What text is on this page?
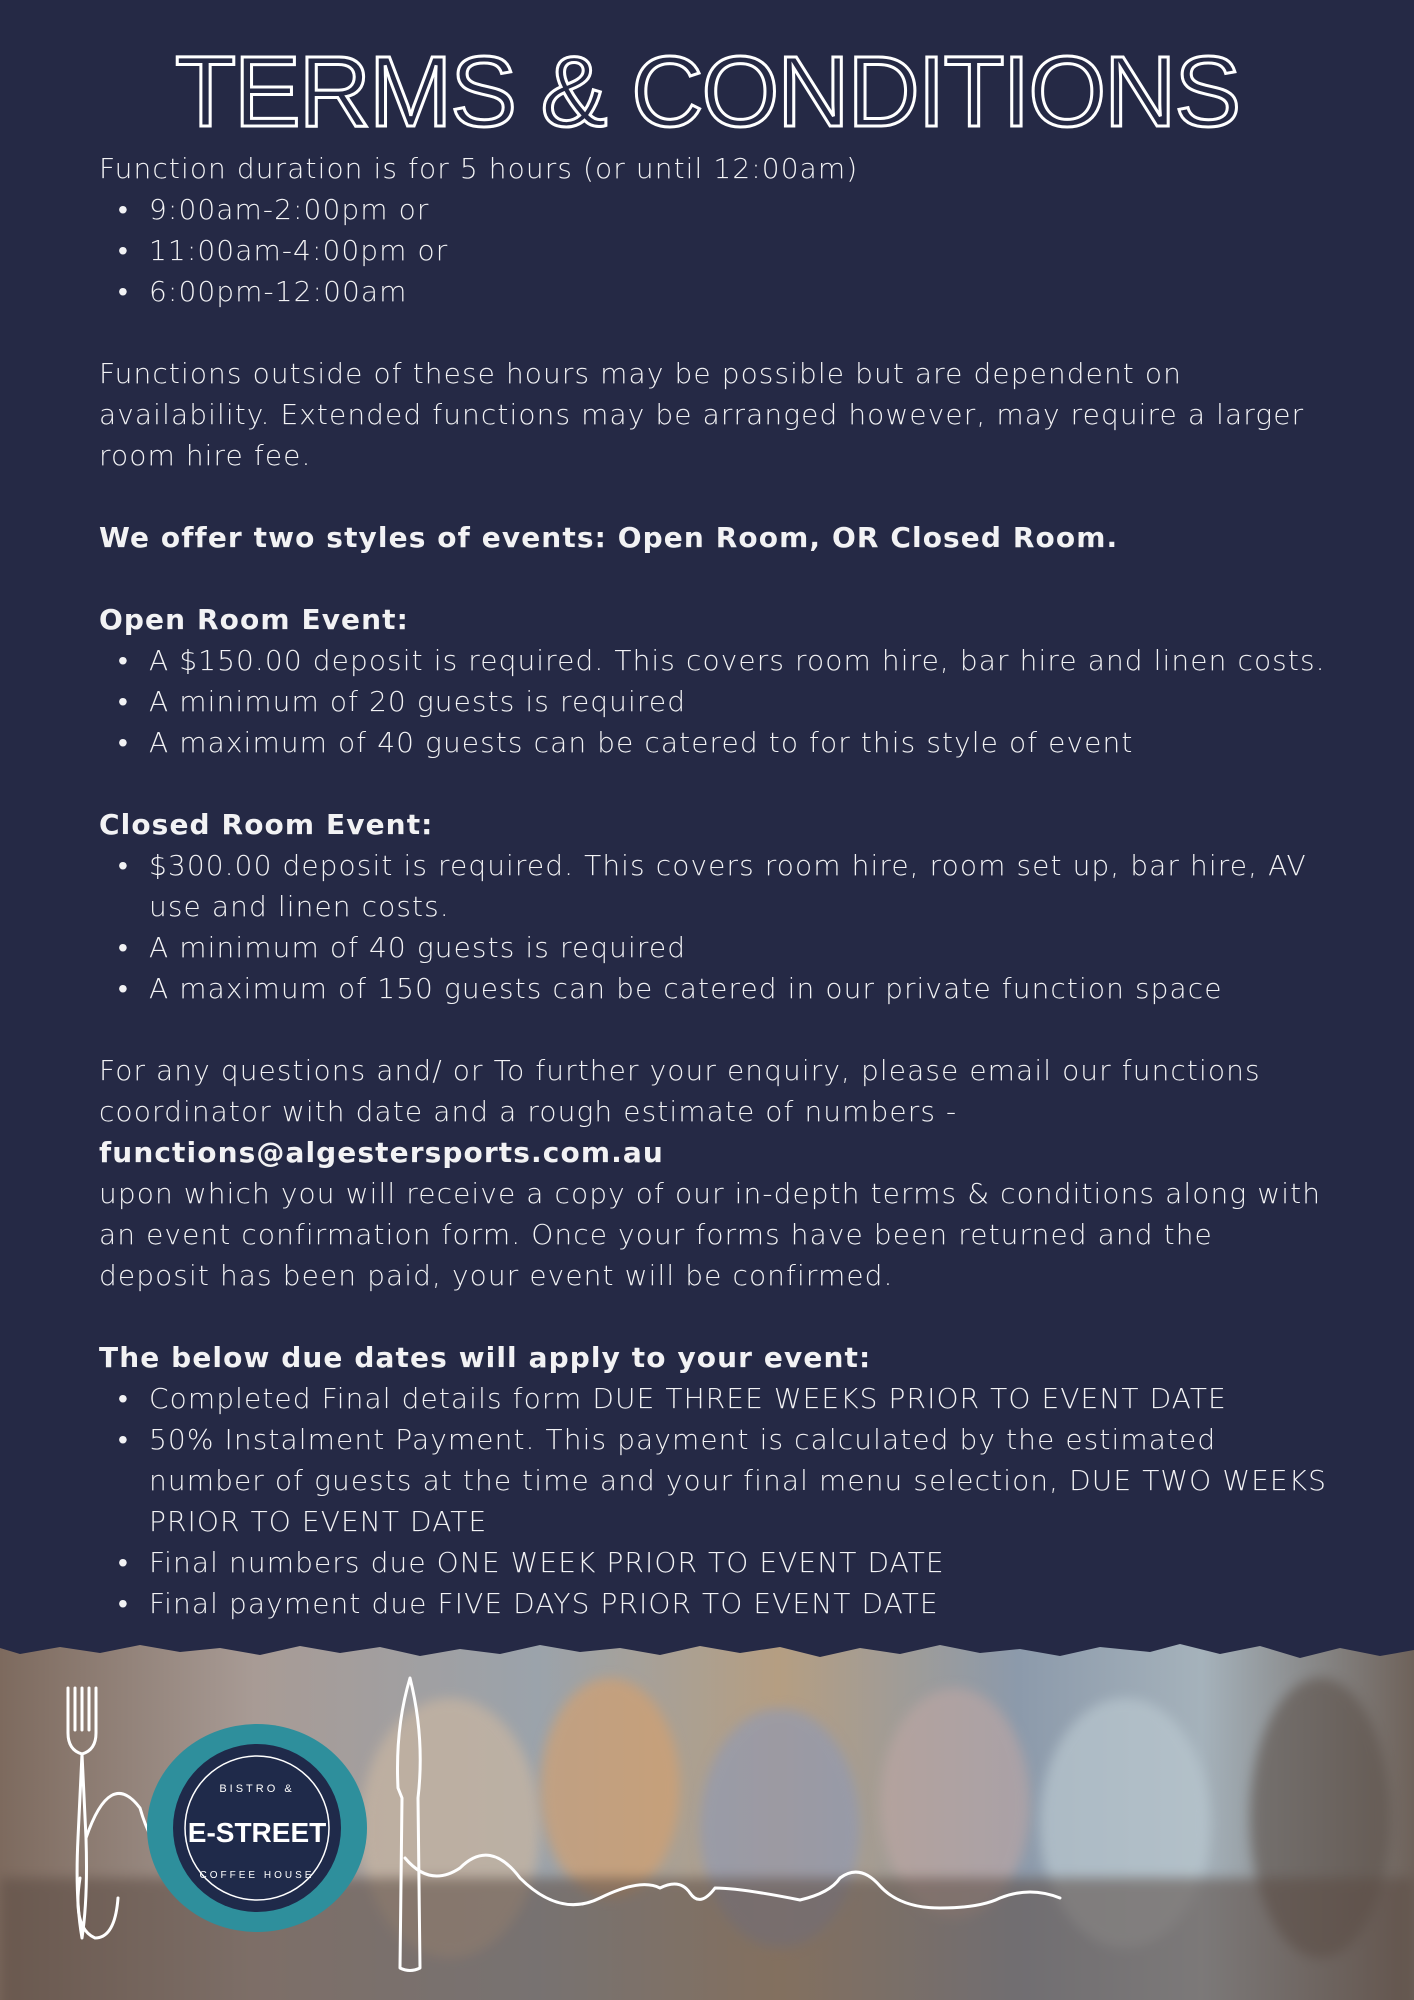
TERMS & CONDITIONS

Function duration is for 5 hours (or until 12:00am)

• 9:00am-2:00pm or
• 11:00am-4:00pm or
• 6:00pm-12:00am

Functions outside of these hours may be possible but are dependent on availability. Extended functions may be arranged however, may require a larger room hire fee.

We offer two styles of events: Open Room, OR Closed Room.

Open Room Event:

• A $150.00 deposit is required. This covers room hire, bar hire and linen costs.
• A minimum of 20 guests is required
• A maximum of 40 guests can be catered to for this style of event

Closed Room Event:

• $300.00 deposit is required. This covers room hire, room set up, bar hire, AV use and linen costs.
• A minimum of 40 guests is required
• A maximum of 150 guests can be catered in our private function space

For any questions and/ or To further your enquiry, please email our functions coordinator with date and a rough estimate of numbers -

functions@algestersports.com.au

upon which you will receive a copy of our in-depth terms & conditions along with an event confirmation form. Once your forms have been returned and the deposit has been paid, your event will be confirmed.

The below due dates will apply to your event:

• Completed Final details form DUE THREE WEEKS PRIOR TO EVENT DATE
• 50% Instalment Payment. This payment is calculated by the estimated number of guests at the time and your final menu selection, DUE TWO WEEKS PRIOR TO EVENT DATE
• Final numbers due ONE WEEK PRIOR TO EVENT DATE
• Final payment due FIVE DAYS PRIOR TO EVENT DATE
E-STREET
BISTRO &
COFFEE HOUSE
